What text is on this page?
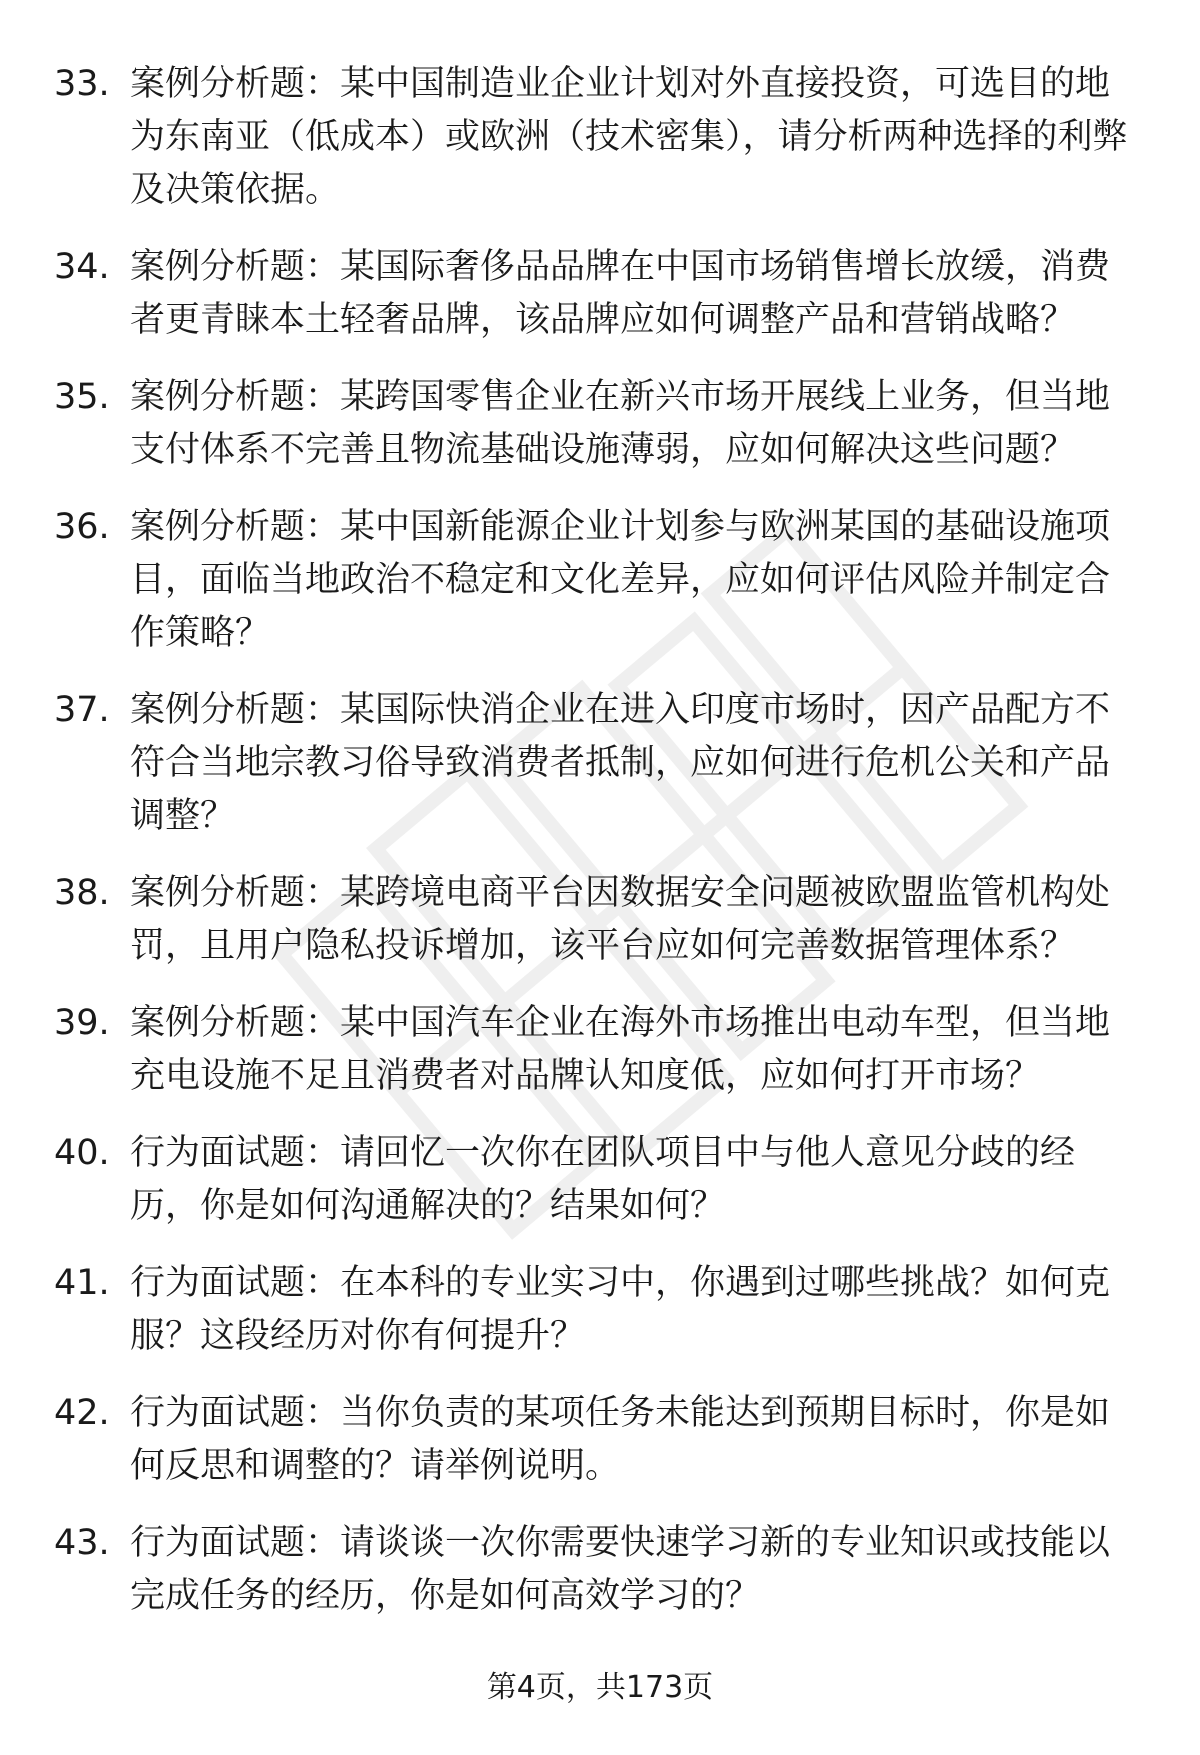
33. 案例分析题：某中国制造业企业计划对外直接投资，可选目的地为东南亚（低成本）或欧洲（技术密集），请分析两种选择的利弊及决策依据。
34. 案例分析题：某国际奢侈品品牌在中国市场销售增长放缓，消费者更青睐本土轻奢品牌，该品牌应如何调整产品和营销战略？
35. 案例分析题：某跨国零售企业在新兴市场开展线上业务，但当地支付体系不完善且物流基础设施薄弱，应如何解决这些问题？
36. 案例分析题：某中国新能源企业计划参与欧洲某国的基础设施项目，面临当地政治不稳定和文化差异，应如何评估风险并制定合作策略？
37. 案例分析题：某国际快消企业在进入印度市场时，因产品配方不符合当地宗教习俗导致消费者抵制，应如何进行危机公关和产品调整？
38. 案例分析题：某跨境电商平台因数据安全问题被欧盟监管机构处罚，且用户隐私投诉增加，该平台应如何完善数据管理体系？
39. 案例分析题：某中国汽车企业在海外市场推出电动车型，但当地充电设施不足且消费者对品牌认知度低，应如何打开市场？
40. 行为面试题：请回忆一次你在团队项目中与他人意见分歧的经历，你是如何沟通解决的？结果如何？
41. 行为面试题：在本科的专业实习中，你遇到过哪些挑战？如何克服？这段经历对你有何提升？
42. 行为面试题：当你负责的某项任务未能达到预期目标时，你是如何反思和调整的？请举例说明。
43. 行为面试题：请谈谈一次你需要快速学习新的专业知识或技能以完成任务的经历，你是如何高效学习的？
第4页，共173页
